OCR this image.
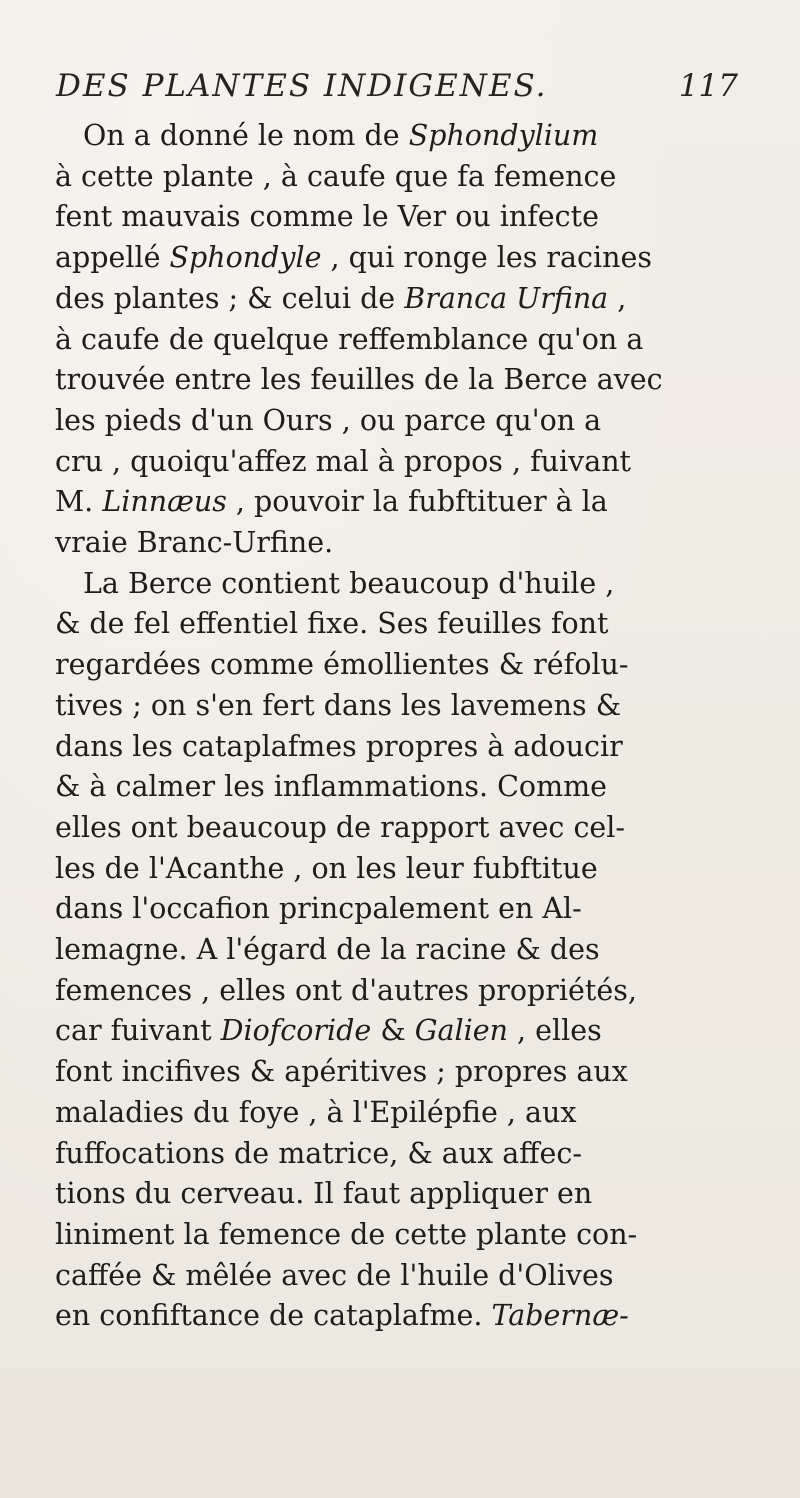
DES PLANTES INDIGENES.	117
On a donné le nom de Sphondylium
à cette plante , à caufe que fa femence
fent mauvais comme le Ver ou infecte
appellé Sphondyle , qui ronge les racines
des plantes ; & celui de Branca Urfina ,
à caufe de quelque reffemblance qu'on a
trouvée entre les feuilles de la Berce avec
les pieds d'un Ours , ou parce qu'on a
cru , quoiqu'affez mal à propos , fuivant
M. Linnæus , pouvoir la fubftituer à la
vraie Branc-Urfine.
La Berce contient beaucoup d'huile ,
& de fel effentiel fixe. Ses feuilles font
regardées comme émollientes & réfolu-
tives ; on s'en fert dans les lavemens &
dans les cataplafmes propres à adoucir
& à calmer les inflammations. Comme
elles ont beaucoup de rapport avec cel-
les de l'Acanthe , on les leur fubftitue
dans l'occafion princpalement en Al-
lemagne. A l'égard de la racine & des
femences , elles ont d'autres propriétés,
car fuivant Diofcoride & Galien , elles
font incifives & apéritives ; propres aux
maladies du foye , à l'Epilépfie , aux
fuffocations de matrice, & aux affec-
tions du cerveau. Il faut appliquer en
liniment la femence de cette plante con-
caffée & mêlée avec de l'huile d'Olives
en confiftance de cataplafme. Tabernæ-
